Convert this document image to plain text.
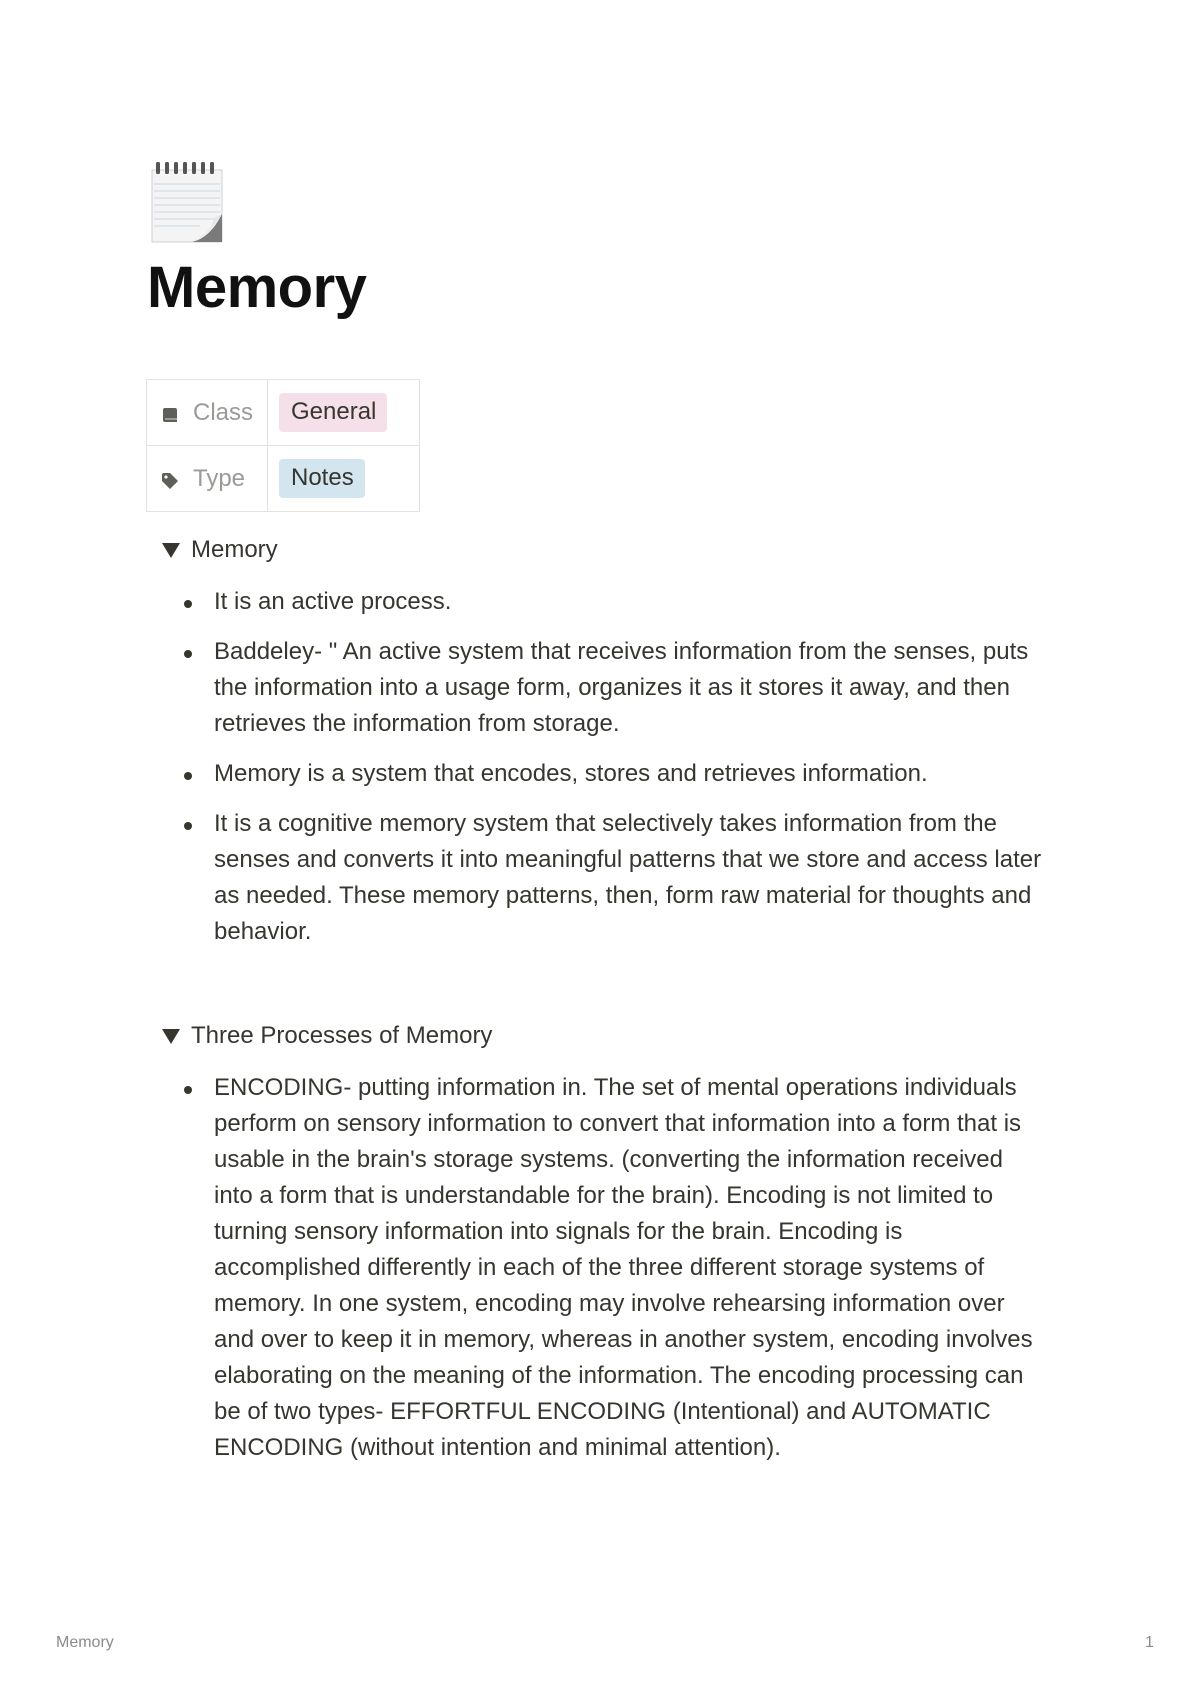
Memory
Class	General

Type	Notes
Memory
It is an active process.
Baddeley- " An active system that receives information from the senses, puts the information into a usage form, organizes it as it stores it away, and then retrieves the information from storage.
Memory is a system that encodes, stores and retrieves information.
It is a cognitive memory system that selectively takes information from the senses and converts it into meaningful patterns that we store and access later as needed. These memory patterns, then, form raw material for thoughts and behavior.
Three Processes of Memory
ENCODING- putting information in. The set of mental operations individuals perform on sensory information to convert that information into a form that is usable in the brain's storage systems. (converting the information received into a form that is understandable for the brain). Encoding is not limited to turning sensory information into signals for the brain. Encoding is accomplished differently in each of the three different storage systems of memory. In one system, encoding may involve rehearsing information over and over to keep it in memory, whereas in another system, encoding involves elaborating on the meaning of the information. The encoding processing can be of two types- EFFORTFUL ENCODING (Intentional) and AUTOMATIC ENCODING (without intention and minimal attention).
Memory	1
